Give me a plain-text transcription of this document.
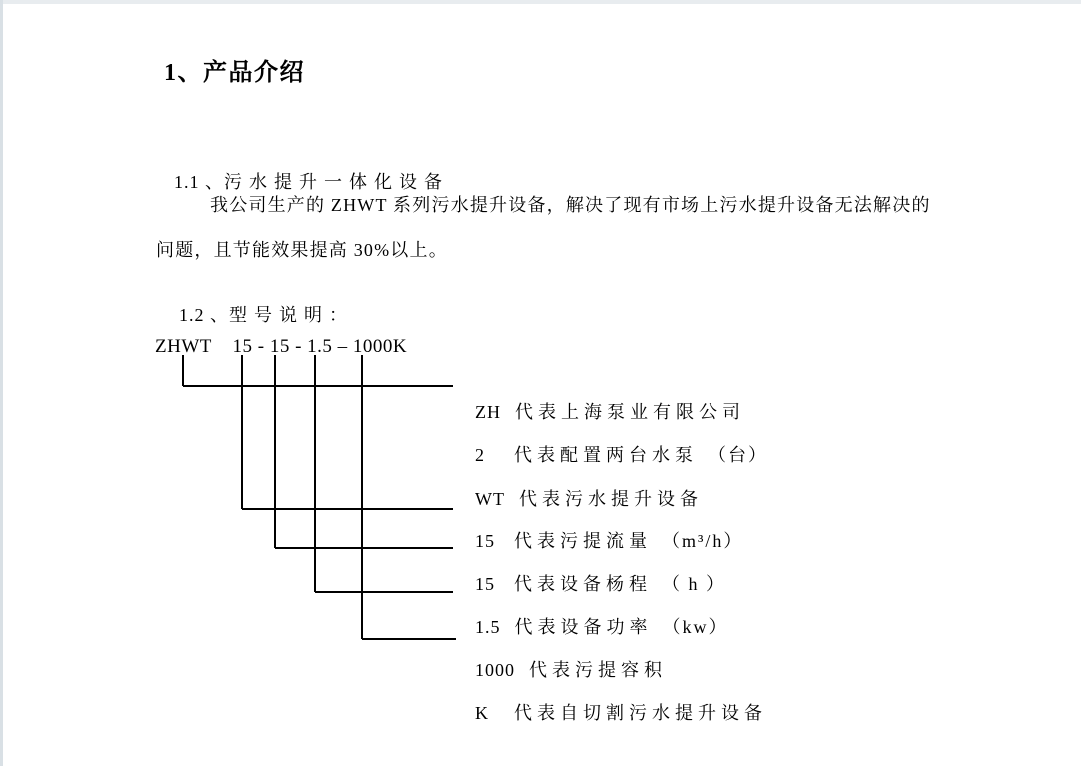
1、产品介绍

1.1 、污水提升一体化设备

我公司生产的 ZHWT 系列污水提升设备，解决了现有市场上污水提升设备无法解决的
问题，且节能效果提高 30%以上。

1.2 、型号说明：

ZHWT    15 - 15 - 1.5 – 1000K

ZH 代表上海泵业有限公司

2 代表配置两台水泵 （台）

WT 代表污水提升设备

15 代表污提流量 （m³/h）

15 代表设备杨程 （ h ）

1.5 代表设备功率 （kw）

1000 代表污提容积

K 代表自切割污水提升设备
